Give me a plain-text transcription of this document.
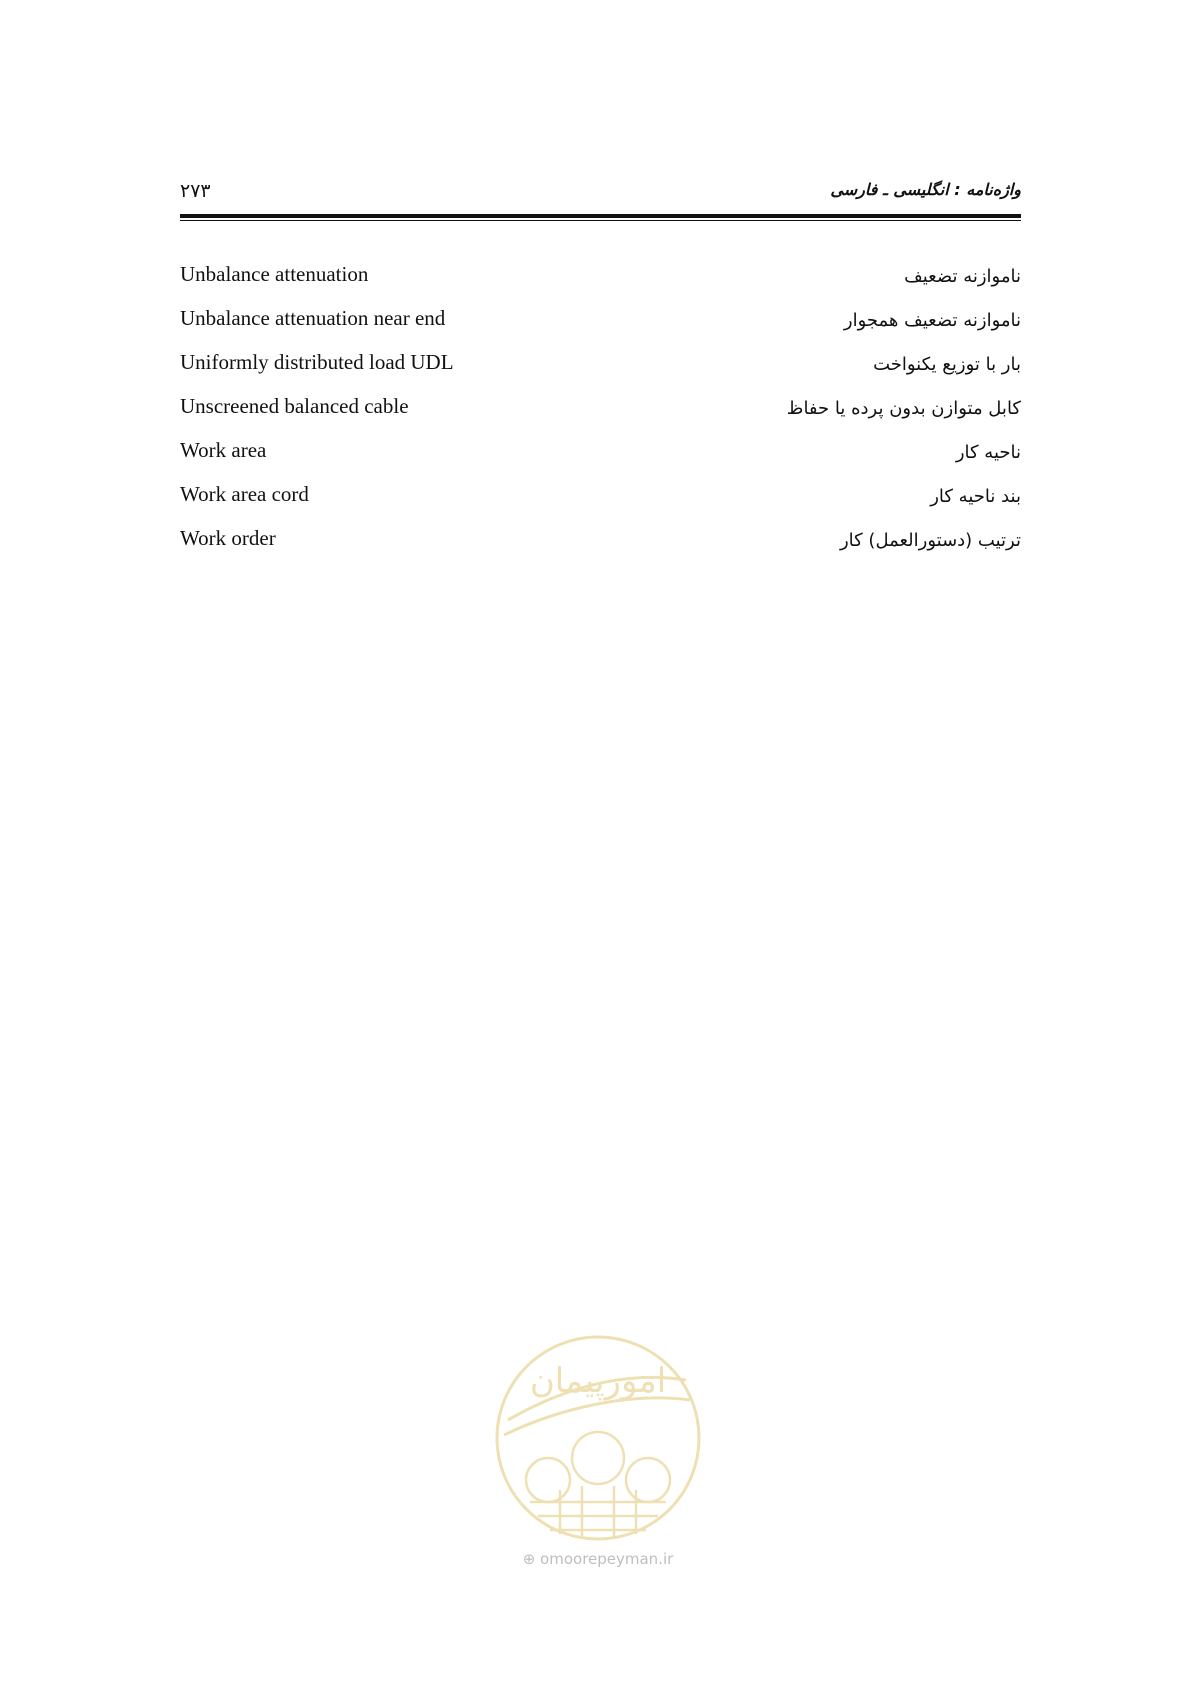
۲۷۳	واژه‌نامه : انگلیسی ـ فارسی
Unbalance attenuation	ناموازنه تضعیف
Unbalance attenuation near end	ناموازنه تضعیف همجوار
Uniformly distributed load UDL	بار با توزیع یکنواخت
Unscreened balanced cable	کابل متوازن بدون پرده یا حفاظ
Work area	ناحیه کار
Work area cord	بند ناحیه کار
Work order	ترتیب (دستورالعمل) کار
امورپیمان
⊕ omoorepeyman.ir
